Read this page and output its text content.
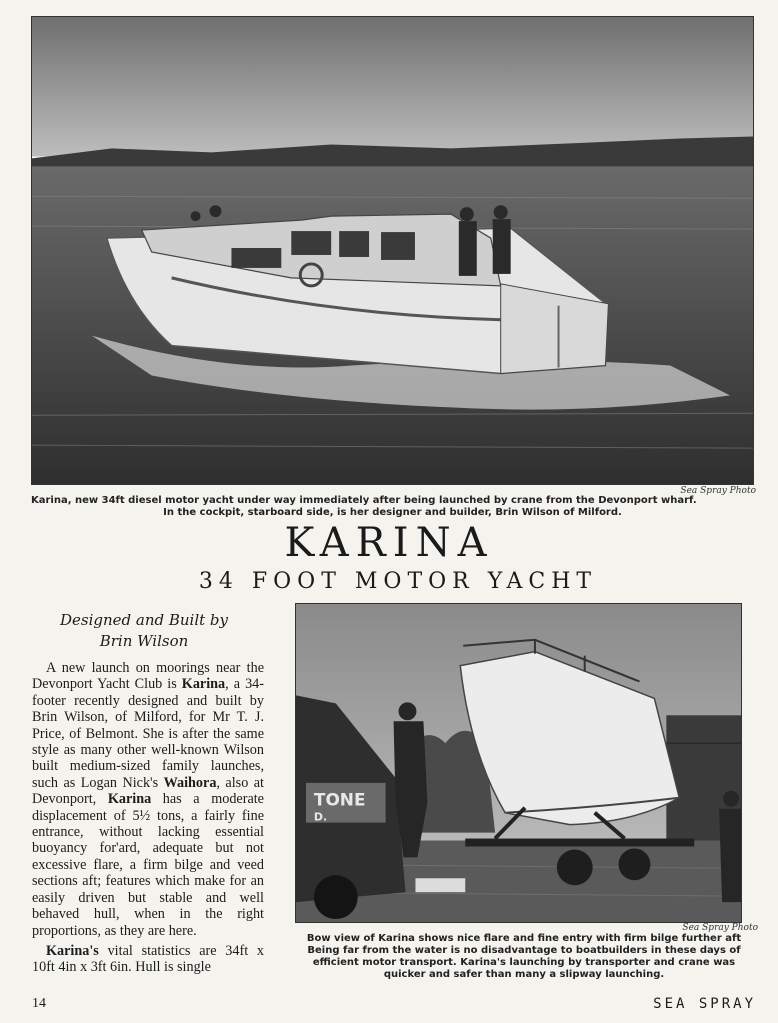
Sea Spray Photo
Karina, new 34ft diesel motor yacht under way immediately after being launched by crane from the Devonport wharf.
In the cockpit, starboard side, is her designer and builder, Brin Wilson of Milford.
KARINA
34 FOOT MOTOR YACHT
Designed and Built by
Brin Wilson

A new launch on moorings near the Devonport Yacht Club is Karina, a 34-footer recently designed and built by Brin Wilson, of Milford, for Mr T. J. Price, of Belmont. She is after the same style as many other well-known Wilson built medium-sized family launches, such as Logan Nick's Waihora, also at Devonport, Karina has a moderate displacement of 5½ tons, a fairly fine entrance, without lacking essential buoyancy for'ard, adequate but not excessive flare, a firm bilge and veed sections aft; features which make for an easily driven but stable and well behaved hull, when in the right proportions, as they are here.

Karina's vital statistics are 34ft x 10ft 4in x 3ft 6in. Hull is single

TONE
D.
Sea Spray Photo
Bow view of Karina shows nice flare and fine entry with firm bilge further aft
Being far from the water is no disadvantage to boatbuilders in these days of
efficient motor transport. Karina's launching by transporter and crane was
quicker and safer than many a slipway launching.
14	SEA SPRAY
